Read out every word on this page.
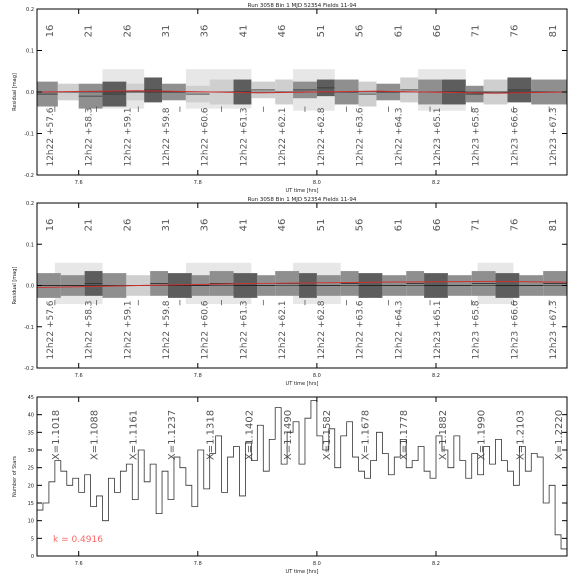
16	21	26	31	36	41	46	51	56	61	66	71	76	81
12h22 +57.6	12h22 +58.3	12h22 +59.1	12h22 +59.8	12h22 +60.6	12h22 +61.3	12h22 +62.1	12h22 +62.8	12h22 +63.6	12h22 +64.3	12h23 +65.1	12h23 +65.8	12h23 +66.6	12h23 +67.3
7.6	7.8	8.0	8.2
-0.2
-0.1
0.0
0.1
0.2
UT time [hrs]
Residual [mag]
Run 3058 Bin 1 MJD 52354 Fields 11-94
16	21	26	31	36	41	46	51	56	61	66	71	76	81
12h22 +57.6	12h22 +58.3	12h22 +59.1	12h22 +59.8	12h22 +60.6	12h22 +61.3	12h22 +62.1	12h22 +62.8	12h22 +63.6	12h22 +64.3	12h23 +65.1	12h23 +65.8	12h23 +66.6	12h23 +67.3
7.6	7.8	8.0	8.2
-0.2
-0.1
0.0
0.1
0.2
UT time [hrs]
Residual [mag]
Run 3058 Bin 1 MJD 52354 Fields 11-94
X=1.1018	X=1.1088	X=1.1161	X=1.1237	X=1.1318	X=1.1402	X=1.1490	X=1.1582	X=1.1678	X=1.1778	X=1.1882	X=1.1990	X=1.2103	X=1.2220
k = 0.4916
7.6	7.8	8.0	8.2
0
5
10
15
20
25
30
35
40
45
UT time [hrs]
Number of Stars
